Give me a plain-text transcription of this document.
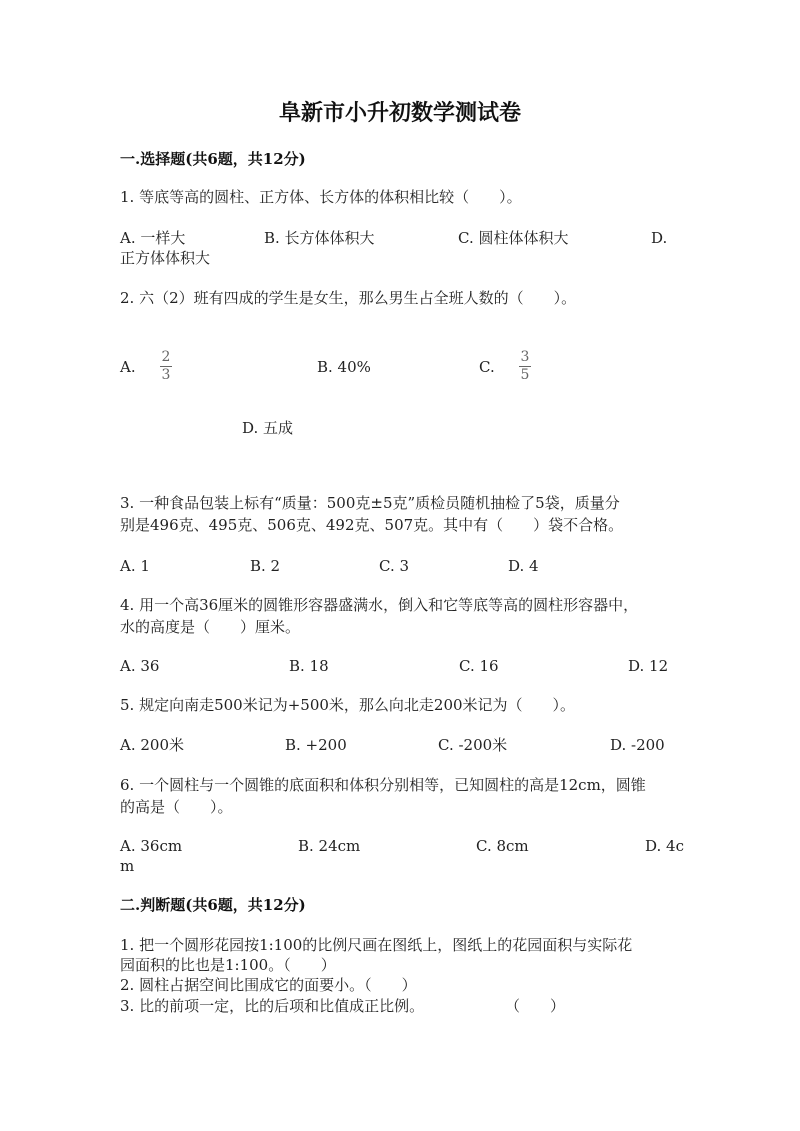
阜新市小升初数学测试卷
一.选择题(共6题，共12分)
1. 等底等高的圆柱、正方体、长方体的体积相比较（　　）。
A. 一样大	B. 长方体体积大	C. 圆柱体体积大	D.
正方体体积大
2. 六（2）班有四成的学生是女生，那么男生占全班人数的（　　）。
A.
2
3	B. 40%	C.
3
5
D. 五成
3. 一种食品包装上标有“质量：500克±5克”质检员随机抽检了5袋，质量分
别是496克、495克、506克、492克、507克。其中有（　　）袋不合格。
A. 1	B. 2	C. 3	D. 4
4. 用一个高36厘米的圆锥形容器盛满水，倒入和它等底等高的圆柱形容器中，
水的高度是（　　）厘米。
A. 36	B. 18	C. 16	D. 12
5. 规定向南走500米记为+500米，那么向北走200米记为（　　）。
A. 200米	B. +200	C. -200米	D. -200
6. 一个圆柱与一个圆锥的底面积和体积分别相等，已知圆柱的高是12cm，圆锥
的高是（　　）。
A. 36cm	B. 24cm	C. 8cm	D. 4c
m
二.判断题(共6题，共12分)
1. 把一个圆形花园按1:100的比例尺画在图纸上，图纸上的花园面积与实际花
园面积的比也是1:100。（　　）
2. 圆柱占据空间比围成它的面要小。（　　）
3. 比的前项一定，比的后项和比值成正比例。	（　　）
